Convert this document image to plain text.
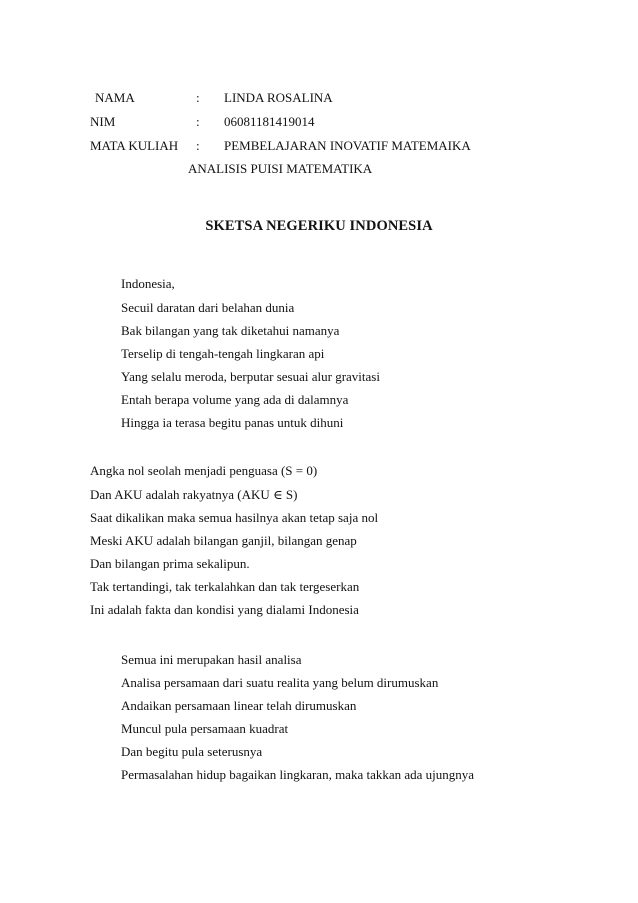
NAMA	: LINDA ROSALINA
NIM	: 06081181419014
MATA KULIAH : PEMBELAJARAN INOVATIF MATEMAIKA
ANALISIS PUISI MATEMATIKA
SKETSA NEGERIKU INDONESIA
Indonesia,
Secuil daratan dari belahan dunia
Bak bilangan yang tak diketahui namanya
Terselip di tengah-tengah lingkaran api
Yang selalu meroda, berputar sesuai alur gravitasi
Entah berapa volume yang ada di dalamnya
Hingga ia terasa begitu panas untuk dihuni
Angka nol seolah menjadi penguasa (S = 0)
Dan AKU adalah rakyatnya (AKU ∈ S)
Saat dikalikan maka semua hasilnya akan tetap saja nol
Meski AKU adalah bilangan ganjil, bilangan genap
Dan bilangan prima sekalipun.
Tak tertandingi, tak terkalahkan dan tak tergeserkan
Ini adalah fakta dan kondisi yang dialami Indonesia
Semua ini merupakan hasil analisa
Analisa persamaan dari suatu realita yang belum dirumuskan
Andaikan persamaan linear telah dirumuskan
Muncul pula persamaan kuadrat
Dan begitu pula seterusnya
Permasalahan hidup bagaikan lingkaran, maka takkan ada ujungnya
